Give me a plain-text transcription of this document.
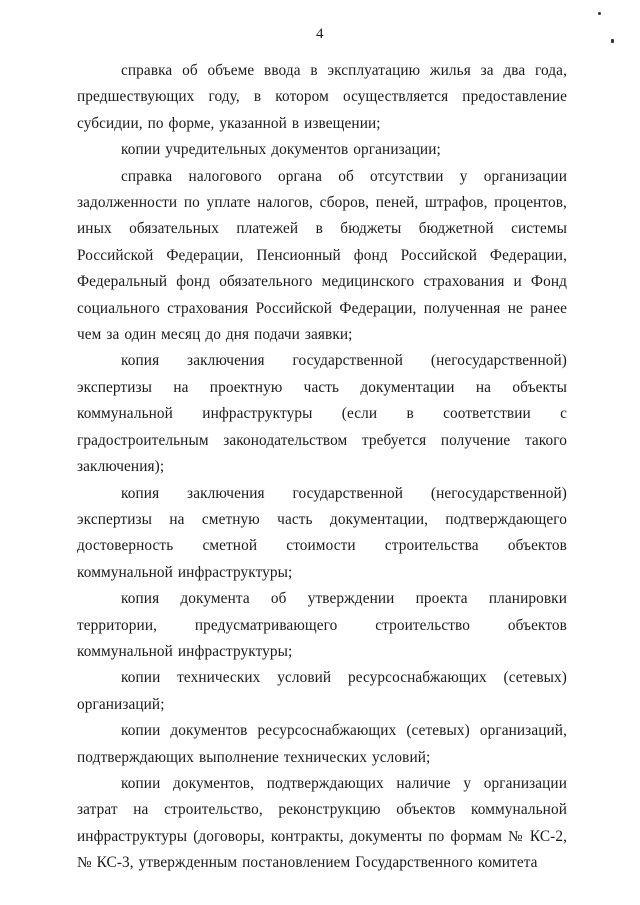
4

справка об объеме ввода в эксплуатацию жилья за два года, предшествующих году, в котором осуществляется предоставление субсидии, по форме, указанной в извещении;

копии учредительных документов организации;

справка налогового органа об отсутствии у организации задолженности по уплате налогов, сборов, пеней, штрафов, процентов, иных обязательных платежей в бюджеты бюджетной системы Российской Федерации, Пенсионный фонд Российской Федерации, Федеральный фонд обязательного медицинского страхования и Фонд социального страхования Российской Федерации, полученная не ранее чем за один месяц до дня подачи заявки;

копия заключения государственной (негосударственной) экспертизы на проектную часть документации на объекты коммунальной инфраструктуры (если в соответствии с градостроительным законодательством требуется получение такого заключения);

копия заключения государственной (негосударственной) экспертизы на сметную часть документации, подтверждающего достоверность сметной стоимости строительства объектов коммунальной инфраструктуры;

копия документа об утверждении проекта планировки территории, предусматривающего строительство объектов коммунальной инфраструктуры;

копии технических условий ресурсоснабжающих (сетевых) организаций;

копии документов ресурсоснабжающих (сетевых) организаций, подтверждающих выполнение технических условий;

копии документов, подтверждающих наличие у организации затрат на строительство, реконструкцию объектов коммунальной инфраструктуры (договоры, контракты, документы по формам № КС-2, № КС-3, утвержденным постановлением Государственного комитета
